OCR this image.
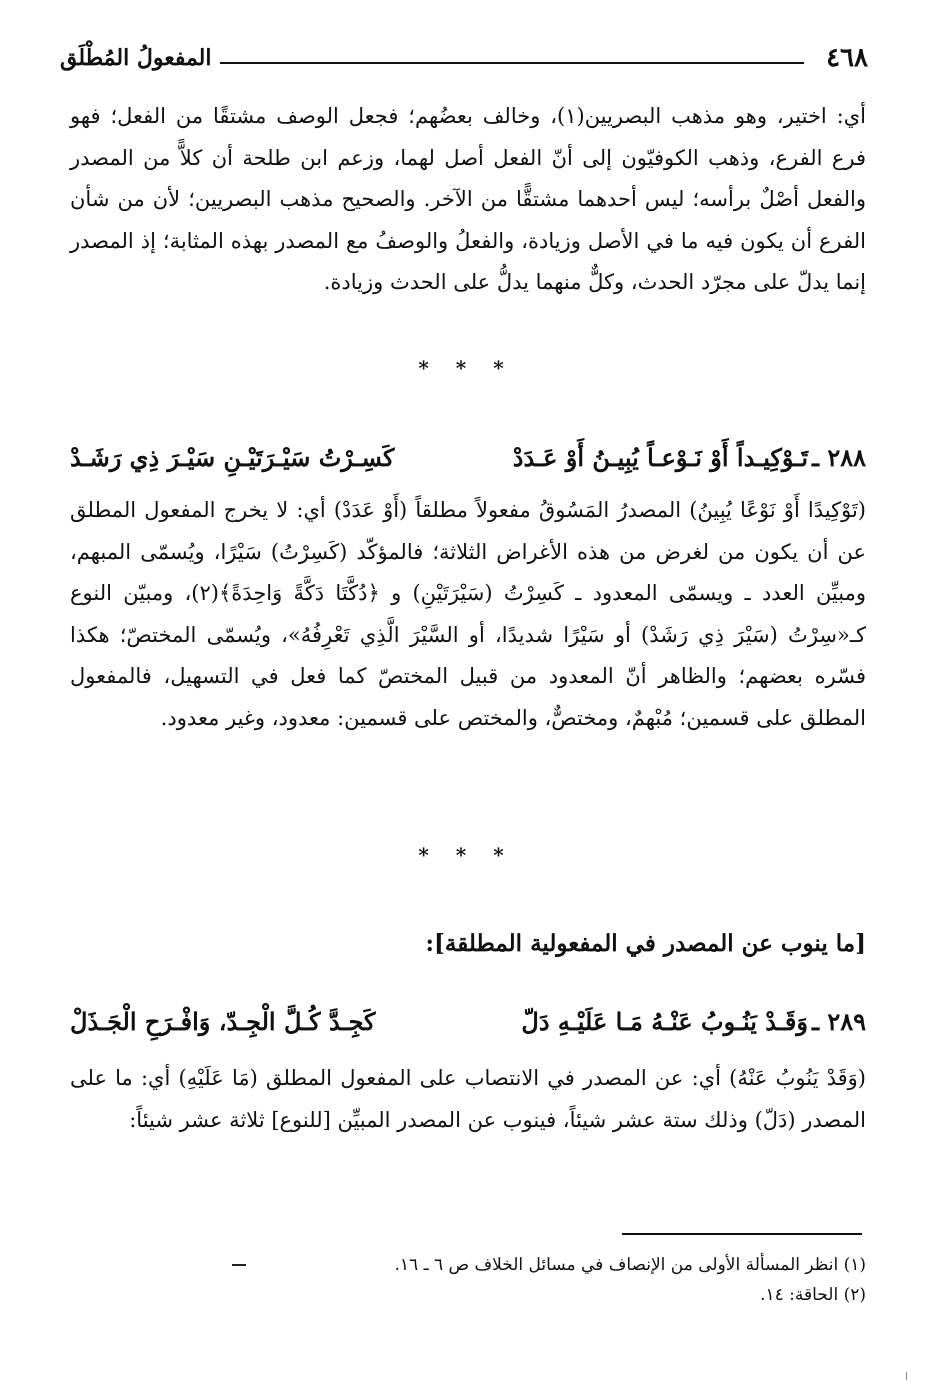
٤٦٨
المفعولُ المُطْلَق
أي: اختير، وهو مذهب البصريين(١)، وخالف بعضُهم؛ فجعل الوصف مشتقًا من الفعل؛ فهو فرع الفرع، وذهب الكوفيّون إلى أنّ الفعل أصل لهما، وزعم ابن طلحة أن كلاًّ من المصدر والفعل أصْلٌ برأسه؛ ليس أحدهما مشتقًّا من الآخر. والصحيح مذهب البصريين؛ لأن من شأن الفرع أن يكون فيه ما في الأصل وزيادة، والفعلُ والوصفُ مع المصدر بهذه المثابة؛ إذ المصدر إنما يدلّ على مجرّد الحدث، وكلٌّ منهما يدلُّ على الحدث وزيادة.
* * *
٢٨٨ ـ
تَـوْكِيـداً أَوْ نَـوْعـاً يُبِيـنُ أَوْ عَـدَدْ
كَسِـرْتُ سَيْـرَتَيْـنِ سَيْـرَ ذِي رَشَـدْ
(تَوْكِيدًا أَوْ نَوْعًا يُبِينُ) المصدرُ المَسُوقُ مفعولاً مطلقاً (أَوْ عَدَدْ) أي: لا يخرج المفعول المطلق عن أن يكون من لغرض من هذه الأغراض الثلاثة؛ فالمؤكّد (كَسِرْتُ) سَيْرًا، ويُسمّى المبهم، ومبيِّن العدد ـ ويسمّى المعدود ـ كَسِرْتُ (سَيْرَتَيْنِ) و ﴿دُكَّتَا دَكَّةً وَاحِدَةً﴾(٢)، ومبيّن النوع كـ«سِرْتُ (سَيْرَ ذِي رَشَدْ) أو سَيْرًا شديدًا، أو السَّيْرَ الَّذِي تَعْرِفُهُ»، ويُسمّى المختصّ؛ هكذا فسّره بعضهم؛ والظاهر أنّ المعدود من قبيل المختصّ كما فعل في التسهيل، فالمفعول المطلق على قسمين؛ مُبْهمٌ، ومختصٌّ، والمختص على قسمين: معدود، وغير معدود.
* * *
[ما ينوب عن المصدر في المفعولية المطلقة]:
٢٨٩ ـ
وَقَـدْ يَنُـوبُ عَنْـهُ مَـا عَلَيْـهِ دَلّ
كَجِـدَّ كُـلَّ الْجِـدّ، وَافْـرَحِ الْجَـذَلْ
(وَقَدْ يَنُوبُ عَنْهُ) أي: عن المصدر في الانتصاب على المفعول المطلق (مَا عَلَيْهِ) أي: ما على المصدر (دَلّ) وذلك ستة عشر شيئاً، فينوب عن المصدر المبيِّن [للنوع] ثلاثة عشر شيئاً:
(١) انظر المسألة الأولى من الإنصاف في مسائل الخلاف ص ٦ ـ ١٦.
(٢) الحاقة: ١٤.
